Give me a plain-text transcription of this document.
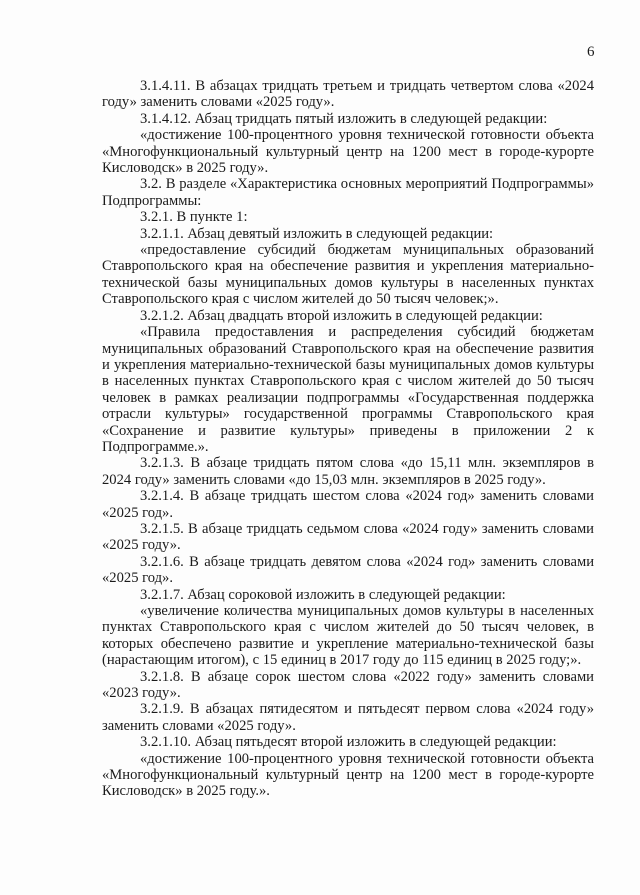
6

3.1.4.11. В абзацах тридцать третьем и тридцать четвертом слова «2024 году» заменить словами «2025 году».

3.1.4.12. Абзац тридцать пятый изложить в следующей редакции:

«достижение 100-процентного уровня технической готовности объекта «Многофункциональный культурный центр на 1200 мест в городе-курорте Кисловодск» в 2025 году».

3.2. В разделе «Характеристика основных мероприятий Подпрограммы» Подпрограммы:

3.2.1. В пункте 1:

3.2.1.1. Абзац девятый изложить в следующей редакции:

«предоставление субсидий бюджетам муниципальных образований Ставропольского края на обеспечение развития и укрепления материально-технической базы муниципальных домов культуры в населенных пунктах Ставропольского края с числом жителей до 50 тысяч человек;».

3.2.1.2. Абзац двадцать второй изложить в следующей редакции:

«Правила предоставления и распределения субсидий бюджетам муниципальных образований Ставропольского края на обеспечение развития и укрепления материально-технической базы муниципальных домов культуры в населенных пунктах Ставропольского края с числом жителей до 50 тысяч человек в рамках реализации подпрограммы «Государственная поддержка отрасли культуры» государственной программы Ставропольского края «Сохранение и развитие культуры» приведены в приложении 2 к Подпрограмме.».

3.2.1.3. В абзаце тридцать пятом слова «до 15,11 млн. экземпляров в 2024 году» заменить словами «до 15,03 млн. экземпляров в 2025 году».

3.2.1.4. В абзаце тридцать шестом слова «2024 год» заменить словами «2025 год».

3.2.1.5. В абзаце тридцать седьмом слова «2024 году» заменить словами «2025 году».

3.2.1.6. В абзаце тридцать девятом слова «2024 год» заменить словами «2025 год».

3.2.1.7. Абзац сороковой изложить в следующей редакции:

«увеличение количества муниципальных домов культуры в населенных пунктах Ставропольского края с числом жителей до 50 тысяч человек, в которых обеспечено развитие и укрепление материально-технической базы (нарастающим итогом), с 15 единиц в 2017 году до 115 единиц в 2025 году;».

3.2.1.8. В абзаце сорок шестом слова «2022 году» заменить словами «2023 году».

3.2.1.9. В абзацах пятидесятом и пятьдесят первом слова «2024 году» заменить словами «2025 году».

3.2.1.10. Абзац пятьдесят второй изложить в следующей редакции:

«достижение 100-процентного уровня технической готовности объекта «Многофункциональный культурный центр на 1200 мест в городе-курорте Кисловодск» в 2025 году.».
